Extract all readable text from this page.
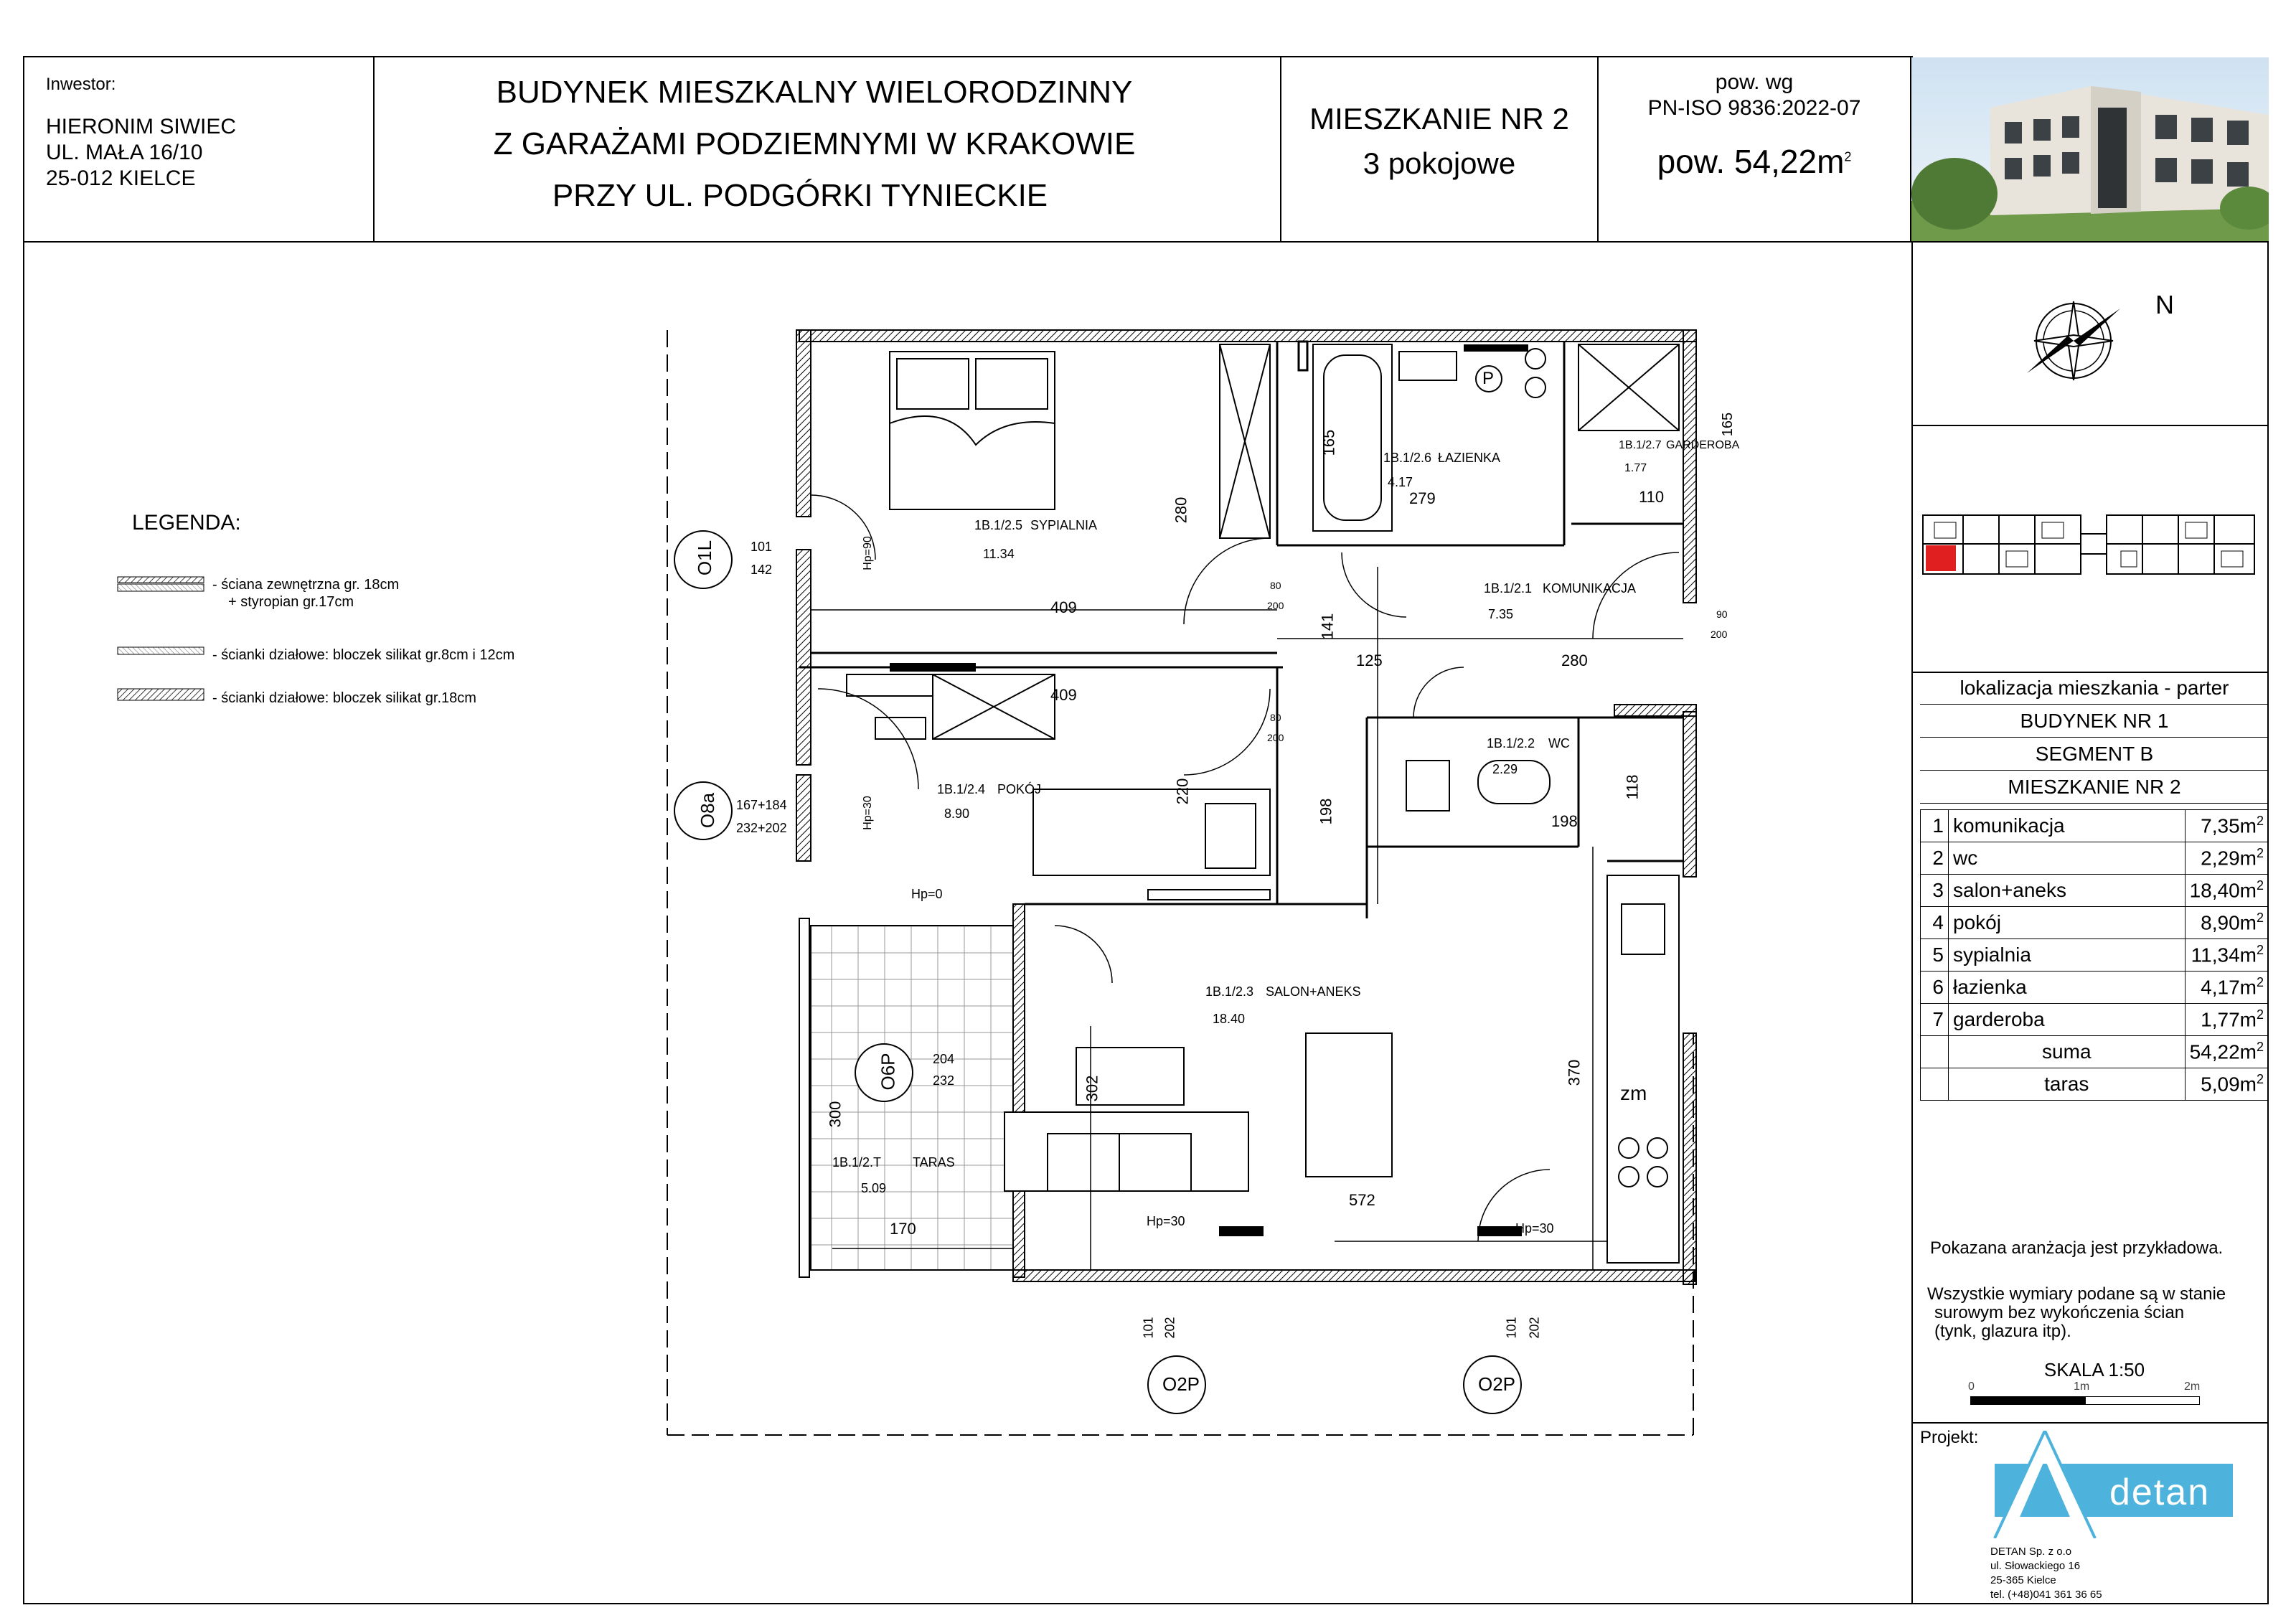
Inwestor:
HIERONIM SIWIEC
UL. MAŁA 16/10
25-012 KIELCE
BUDYNEK MIESZKALNY WIELORODZINNY
Z GARAŻAMI PODZIEMNYMI W KRAKOWIE
PRZY UL. PODGÓRKI TYNIECKIE
MIESZKANIE NR 2
3 pokojowe
pow. wg
PN-ISO 9836:2022-07
pow. $54,22m^2$
N
lokalizacja mieszkania - parter
BUDYNEK NR 1
SEGMENT B
MIESZKANIE NR 2
1	komunikacja	$7,35m^2$
2	wc	$2,29m^2$
3	salon+aneks	$18,40m^2$
4	pokój	$8,90m^2$
5	sypialnia	$11,34m^2$
6	łazienka	$4,17m^2$
7	garderoba	$1,77m^2$
	suma	$54,22m^2$
	taras	$5,09m^2$
Pokazana aranżacja jest przykładowa.
Wszystkie wymiary podane są w stanie
surowym bez wykończenia ścian
(tynk, glazura itp).
SKALA 1:50
0	1m	2m
Projekt:
detan
DETAN Sp. z o.o
ul. Słowackiego 16
25-365 Kielce
tel. (+48)041 361 36 65
LEGENDA:
- ściana zewnętrzna gr. 18cm
+ styropian gr.17cm
- ścianki działowe: bloczek silikat gr.8cm i 12cm
- ścianki działowe: bloczek silikat gr.18cm
1B.1/2.5 SYPIALNIA
11.34
1B.1/2.6 ŁAZIENKA
4.17
1B.1/2.7 GARDEROBA
1.77
1B.1/2.1 KOMUNIKACJA
7.35
1B.1/2.2 WC
2.29
1B.1/2.4 POKÓJ
8.90
1B.1/2.3 SALON+ANEKS
18.40
1B.1/2.T TARAS
5.09
O1L
O8a
O6P
O2P	O2P
101
142	Hp=90
167+184
232+202	Hp=30
Hp=0
204
232
101 202	101 202
409
409
280
165
165
279	110
141
125	280
220
198	198
118
302
370
572
300
170	Hp=30	Hp=30
80
200
80
200
90
200
P
zm
